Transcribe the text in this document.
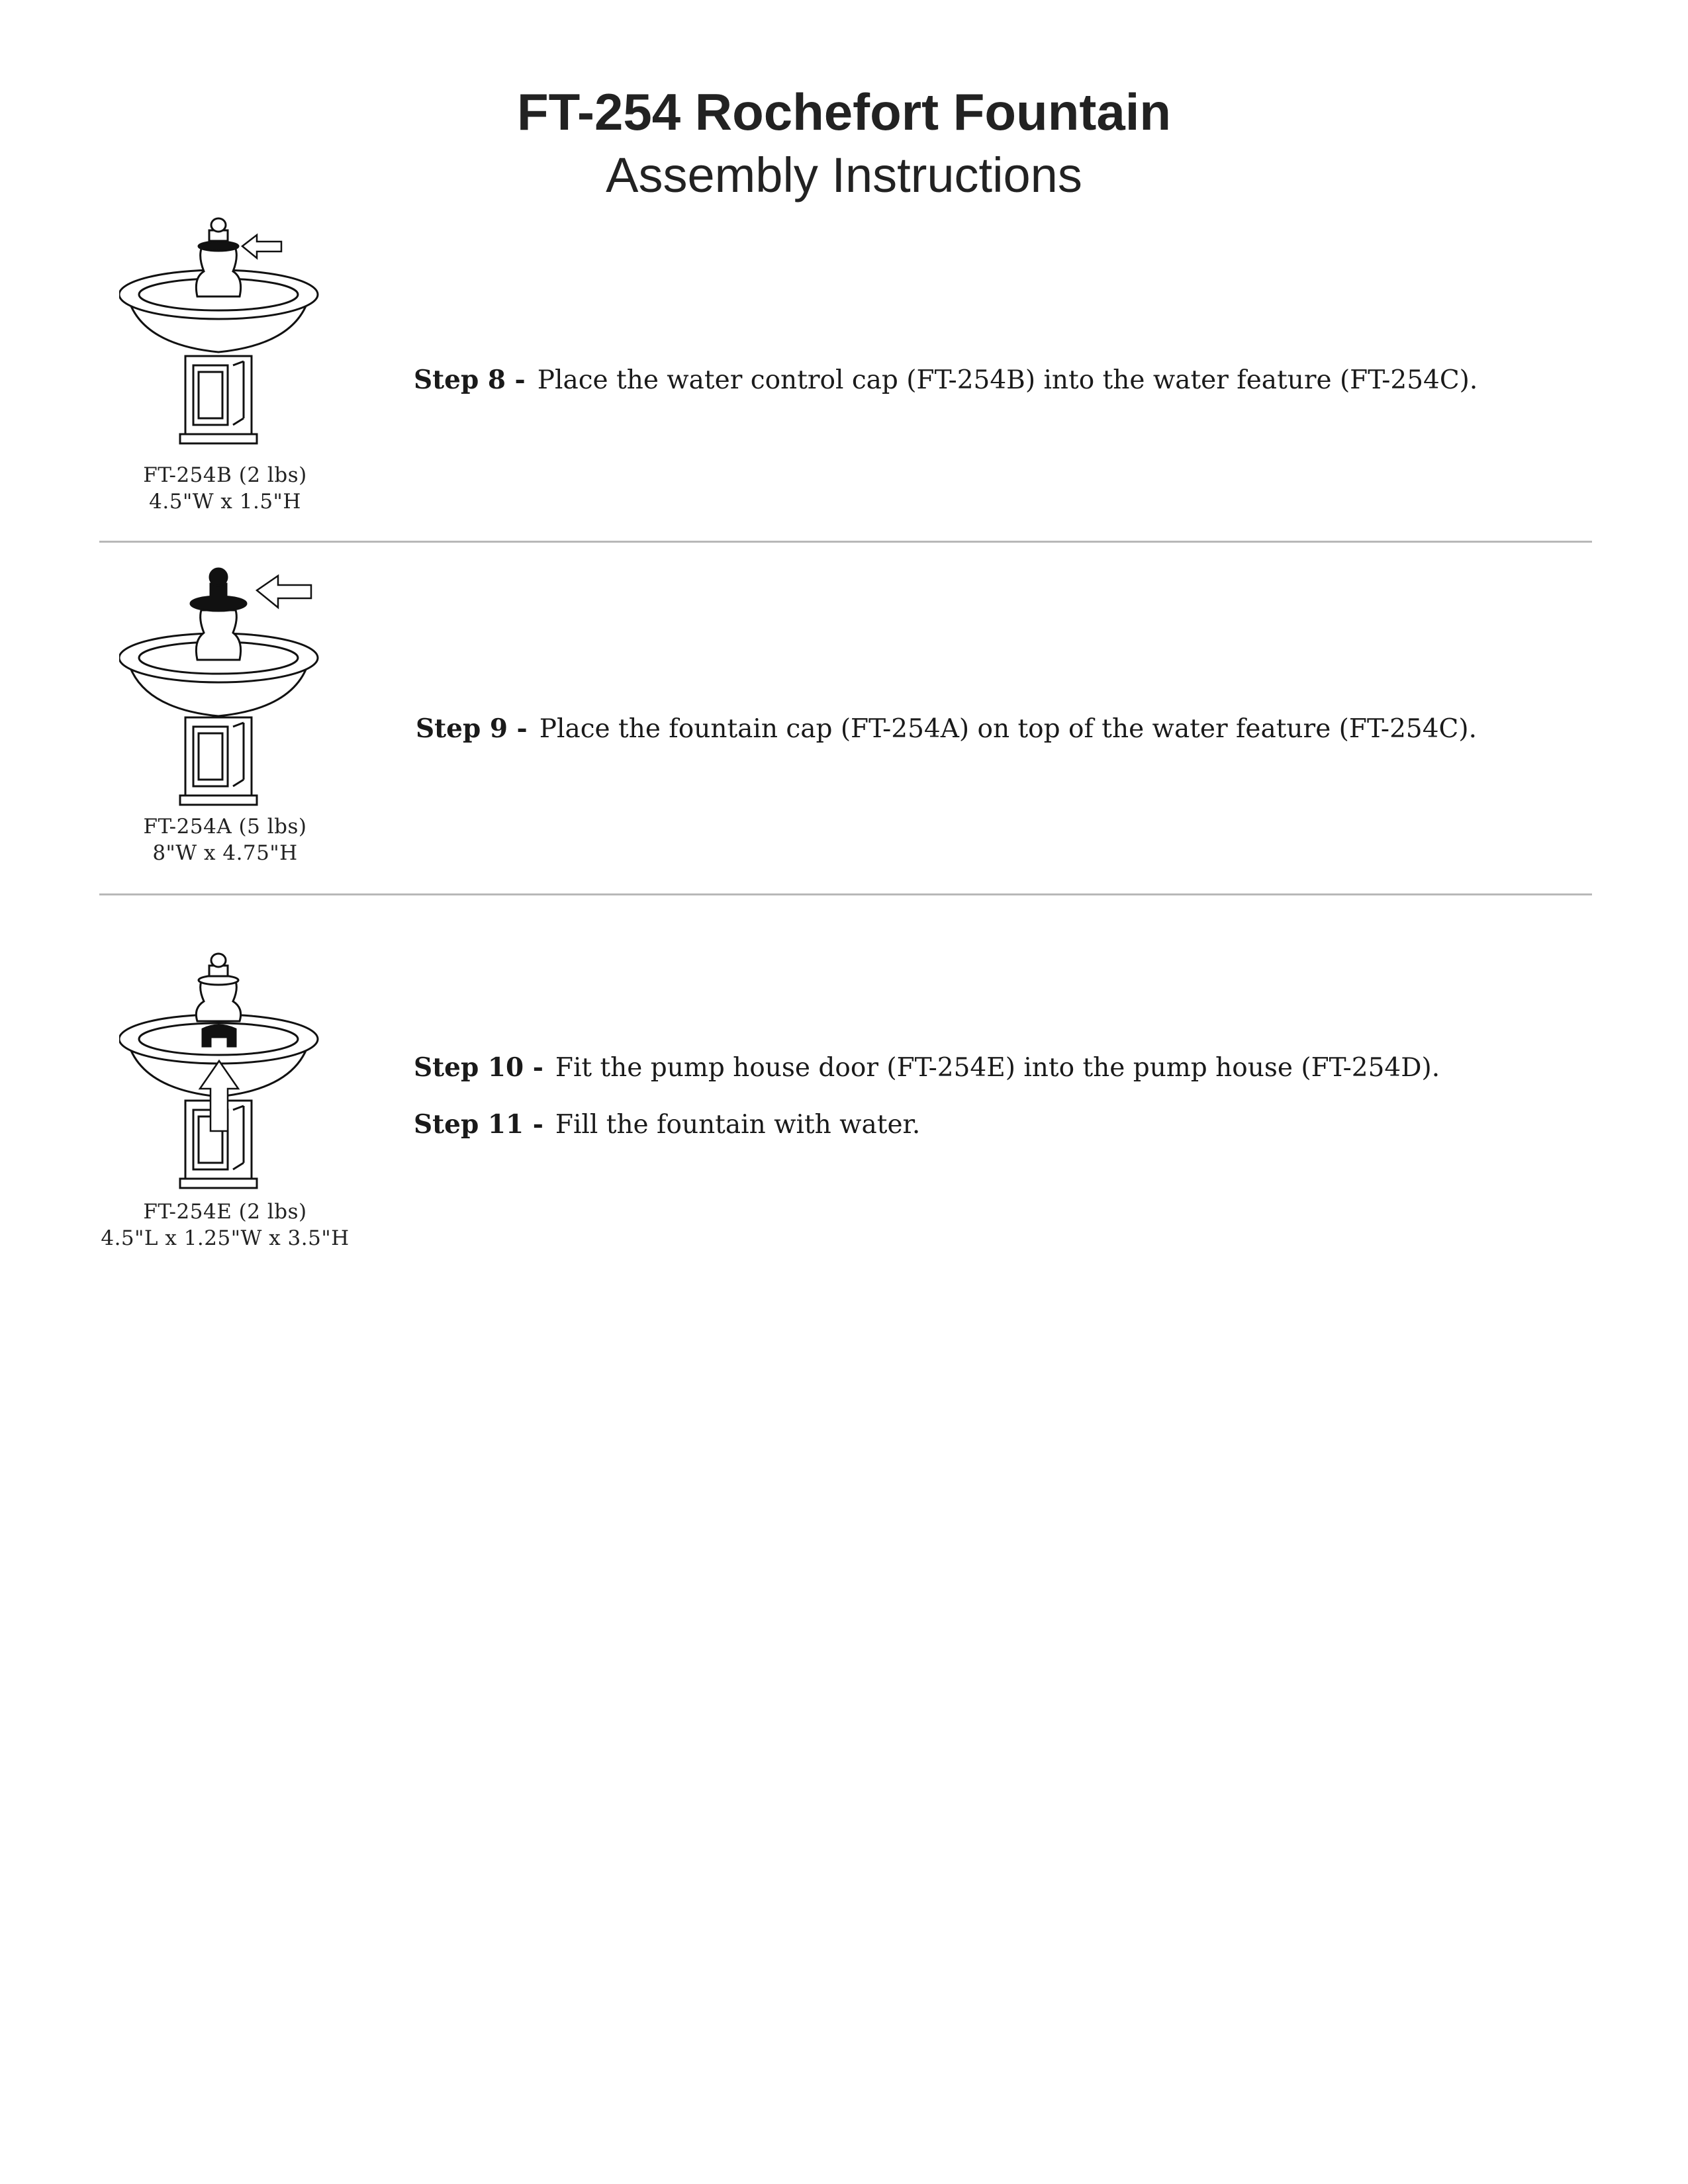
FT-254 Rochefort Fountain
Assembly Instructions
FT-254B (2 lbs)
4.5"W x 1.5"H
Step 8 - Place the water control cap (FT-254B) into the water feature (FT-254C).
FT-254A (5 lbs)
8"W x 4.75"H
Step 9 - Place the fountain cap (FT-254A) on top of the water feature (FT-254C).
FT-254E (2 lbs)
4.5"L x 1.25"W x 3.5"H
Step 10 - Fit the pump house door (FT-254E) into the pump house (FT-254D).
Step 11 - Fill the fountain with water.
